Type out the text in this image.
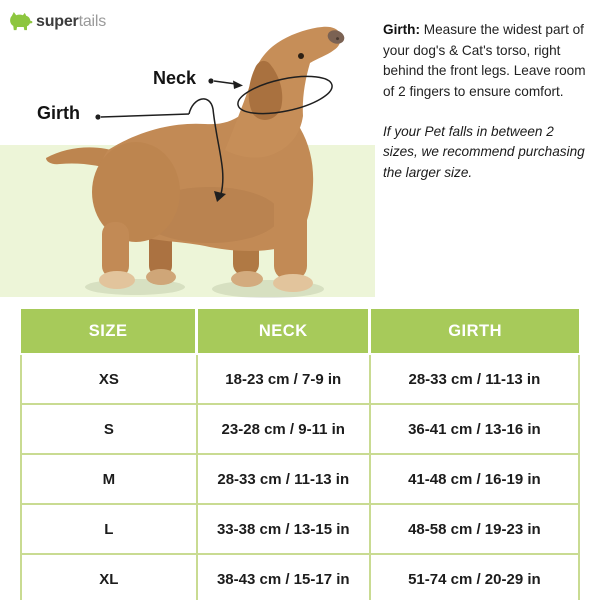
supertails
Neck
Girth
Girth: Measure the widest part of your dog's & Cat's torso, right behind the front legs. Leave room of 2 fingers to ensure comfort.
If your Pet falls in between 2 sizes, we recommend purchasing the larger size.
SIZE	NECK	GIRTH
XS	18-23 cm / 7-9 in	28-33 cm / 11-13 in
S	23-28 cm / 9-11 in	36-41 cm / 13-16 in
M	28-33 cm / 11-13 in	41-48 cm / 16-19 in
L	33-38 cm / 13-15 in	48-58 cm / 19-23 in
XL	38-43 cm / 15-17 in	51-74 cm / 20-29 in
